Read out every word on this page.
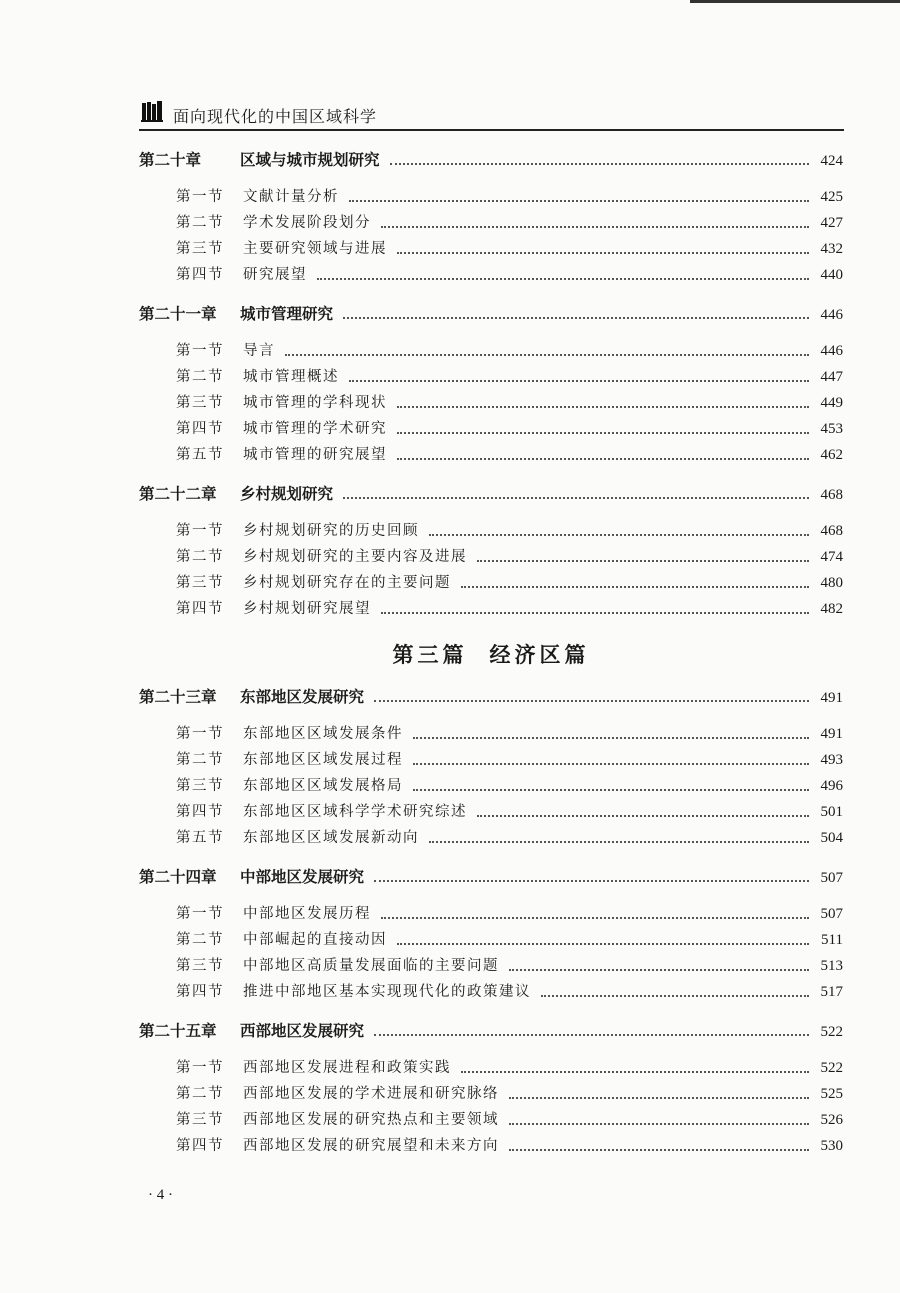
面向现代化的中国区域科学
第二十章	区域与城市规划研究	424
第一节	文献计量分析	425
第二节	学术发展阶段划分	427
第三节	主要研究领域与进展	432
第四节	研究展望	440
第二十一章	城市管理研究	446
第一节	导言	446
第二节	城市管理概述	447
第三节	城市管理的学科现状	449
第四节	城市管理的学术研究	453
第五节	城市管理的研究展望	462
第二十二章	乡村规划研究	468
第一节	乡村规划研究的历史回顾	468
第二节	乡村规划研究的主要内容及进展	474
第三节	乡村规划研究存在的主要问题	480
第四节	乡村规划研究展望	482
第三篇 经济区篇
第二十三章	东部地区发展研究	491
第一节	东部地区区域发展条件	491
第二节	东部地区区域发展过程	493
第三节	东部地区区域发展格局	496
第四节	东部地区区域科学学术研究综述	501
第五节	东部地区区域发展新动向	504
第二十四章	中部地区发展研究	507
第一节	中部地区发展历程	507
第二节	中部崛起的直接动因	511
第三节	中部地区高质量发展面临的主要问题	513
第四节	推进中部地区基本实现现代化的政策建议	517
第二十五章	西部地区发展研究	522
第一节	西部地区发展进程和政策实践	522
第二节	西部地区发展的学术进展和研究脉络	525
第三节	西部地区发展的研究热点和主要领域	526
第四节	西部地区发展的研究展望和未来方向	530
· 4 ·
